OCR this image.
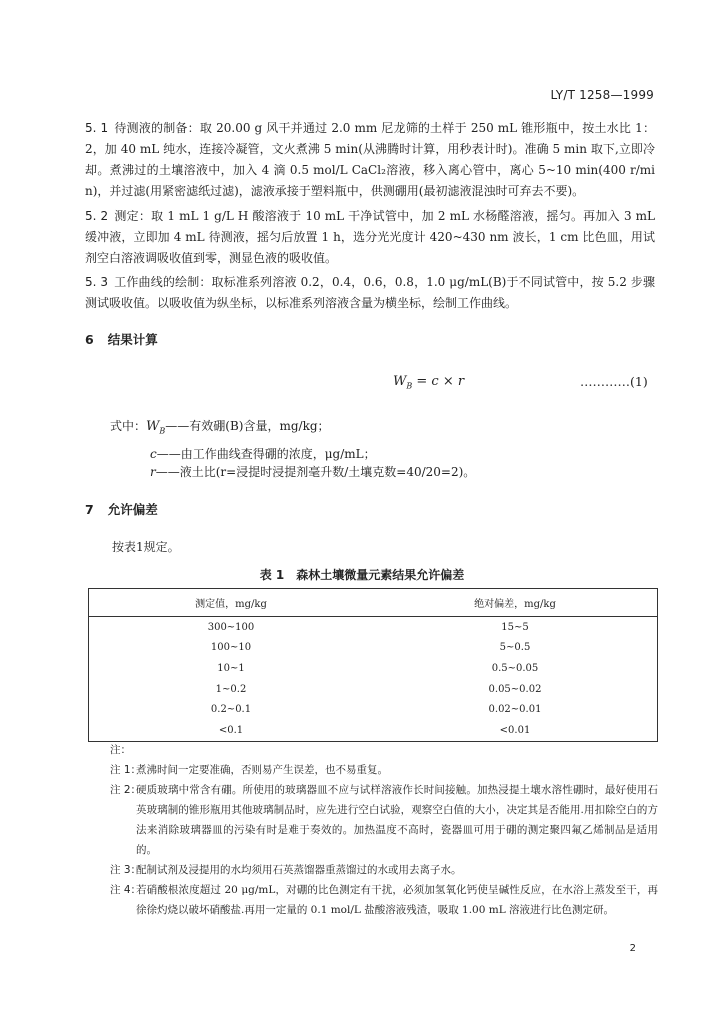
LY/T 1258—1999
5. 1 待测液的制备：取 20.00 g 风干并通过 2.0 mm 尼龙筛的土样于 250 mL 锥形瓶中，按土水比 1：2，加 40 mL 纯水，连接冷凝管，文火煮沸 5 min(从沸腾时计算，用秒表计时)。准确 5 min 取下,立即冷却。煮沸过的土壤溶液中，加入 4 滴 0.5 mol/L CaCl₂溶液，移入离心管中，离心 5~10 min(400 r/min)，并过滤(用紧密滤纸过滤)，滤液承接于塑料瓶中，供测硼用(最初滤液混浊时可弃去不要)。
5. 2 测定：取 1 mL 1 g/L H 酸溶液于 10 mL 干净试管中，加 2 mL 水杨醛溶液，摇匀。再加入 3 mL 缓冲液，立即加 4 mL 待测液，摇匀后放置 1 h，选分光光度计 420~430 nm 波长，1 cm 比色皿，用试剂空白溶液调吸收值到零，测显色液的吸收值。
5. 3 工作曲线的绘制：取标准系列溶液 0.2，0.4，0.6，0.8，1.0 μg/mL(B)于不同试管中，按 5.2 步骤测试吸收值。以吸收值为纵坐标，以标准系列溶液含量为横坐标，绘制工作曲线。
6 结果计算
$W_B = c \times r$	…………(1)
式中：$W_B——$有效硼(B)含量，mg/kg；
c——由工作曲线查得硼的浓度，μg/mL；
r——液土比(r=浸提时浸提剂毫升数/土壤克数=40/20=2)。
7 允许偏差
按表1规定。
表 1　森林土壤微量元素结果允许偏差
测定值，mg/kg	绝对偏差，mg/kg
300~100	15~5
100~10	5~0.5
10~1	0.5~0.05
1~0.2	0.05~0.02
0.2~0.1	0.02~0.01
<0.1	<0.01
注：
注 1：
煮沸时间一定要准确，否则易产生误差，也不易重复。
注 2：
硬质玻璃中常含有硼。所使用的玻璃器皿不应与试样溶液作长时间接触。加热浸提土壤水溶性硼时，最好使用石英玻璃制的锥形瓶用其他玻璃制品时，应先进行空白试验，观察空白值的大小，决定其是否能用.用扣除空白的方法来消除玻璃器皿的污染有时是难于奏效的。加热温度不高时，瓷器皿可用于硼的测定聚四氟乙烯制品是适用的。
注 3：
配制试剂及浸提用的水均须用石英蒸馏器重蒸馏过的水或用去离子水。
注 4：
若硝酸根浓度超过 20 μg/mL，对硼的比色测定有干扰，必须加氢氧化钙使呈碱性反应，在水浴上蒸发至干，再徐徐灼烧以破坏硝酸盐.再用一定量的 0.1 mol/L 盐酸溶液残渣，吸取 1.00 mL 溶液进行比色测定研。
2
